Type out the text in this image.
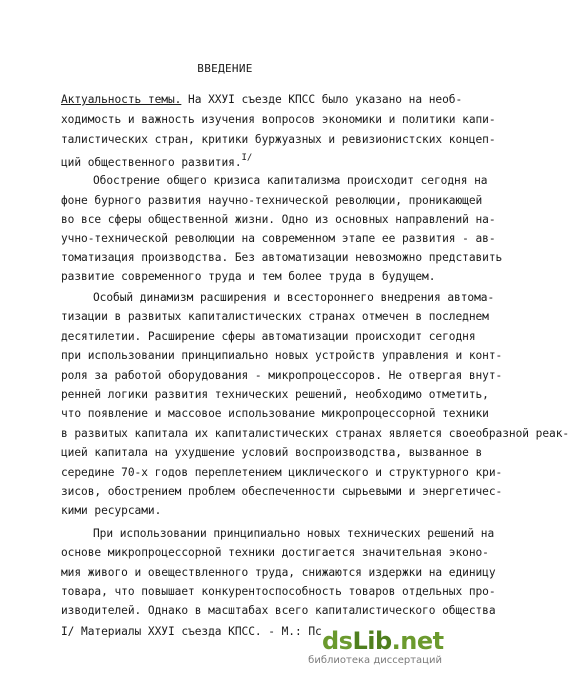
ВВЕДЕНИЕ
Актуальность темы. На ХХУI съезде КПСС было указано на необ-
ходимость и важность изучения вопросов экономики и политики капи-
талистических стран, критики буржуазных и ревизионистских концеп-
ций общественного развития.$^{I/}$
Обострение общего кризиса капитализма происходит сегодня на
фоне бурного развития научно-технической революции, проникающей
во все сферы общественной жизни. Одно из основных направлений на-
учно-технической революции на современном этапе ее развития - ав-
томатизация производства. Без автоматизации невозможно представить
развитие современного труда и тем более труда в будущем.
Особый динамизм расширения и всестороннего внедрения автома-
тизации в развитых капиталистических странах отмечен в последнем
десятилетии. Расширение сферы автоматизации происходит сегодня
при использовании принципиально новых устройств управления и конт-
роля за работой оборудования - микропроцессоров. Не отвергая внут-
ренней логики развития технических решений, необходимо отметить,
что появление и массовое использование микропроцессорной техники
в развитых капитала их капиталистических странах является своеобразной реак-
цией капитала на ухудшение условий воспроизводства, вызванное в
середине 70-х годов переплетением циклического и структурного кри-
зисов, обострением проблем обеспеченности сырьевыми и энергетичес-
кими ресурсами.
При использовании принципиально новых технических решений на
основе микропроцессорной техники достигается значительная эконо-
мия живого и овеществленного труда, снижаются издержки на единицу
товара, что повышает конкурентоспособность товаров отдельных про-
изводителей. Однако в масштабах всего капиталистического общества
I/ Материалы ХХУI съезда КПСС. - М.: Пс dsLib.net
библиотека диссертаций
